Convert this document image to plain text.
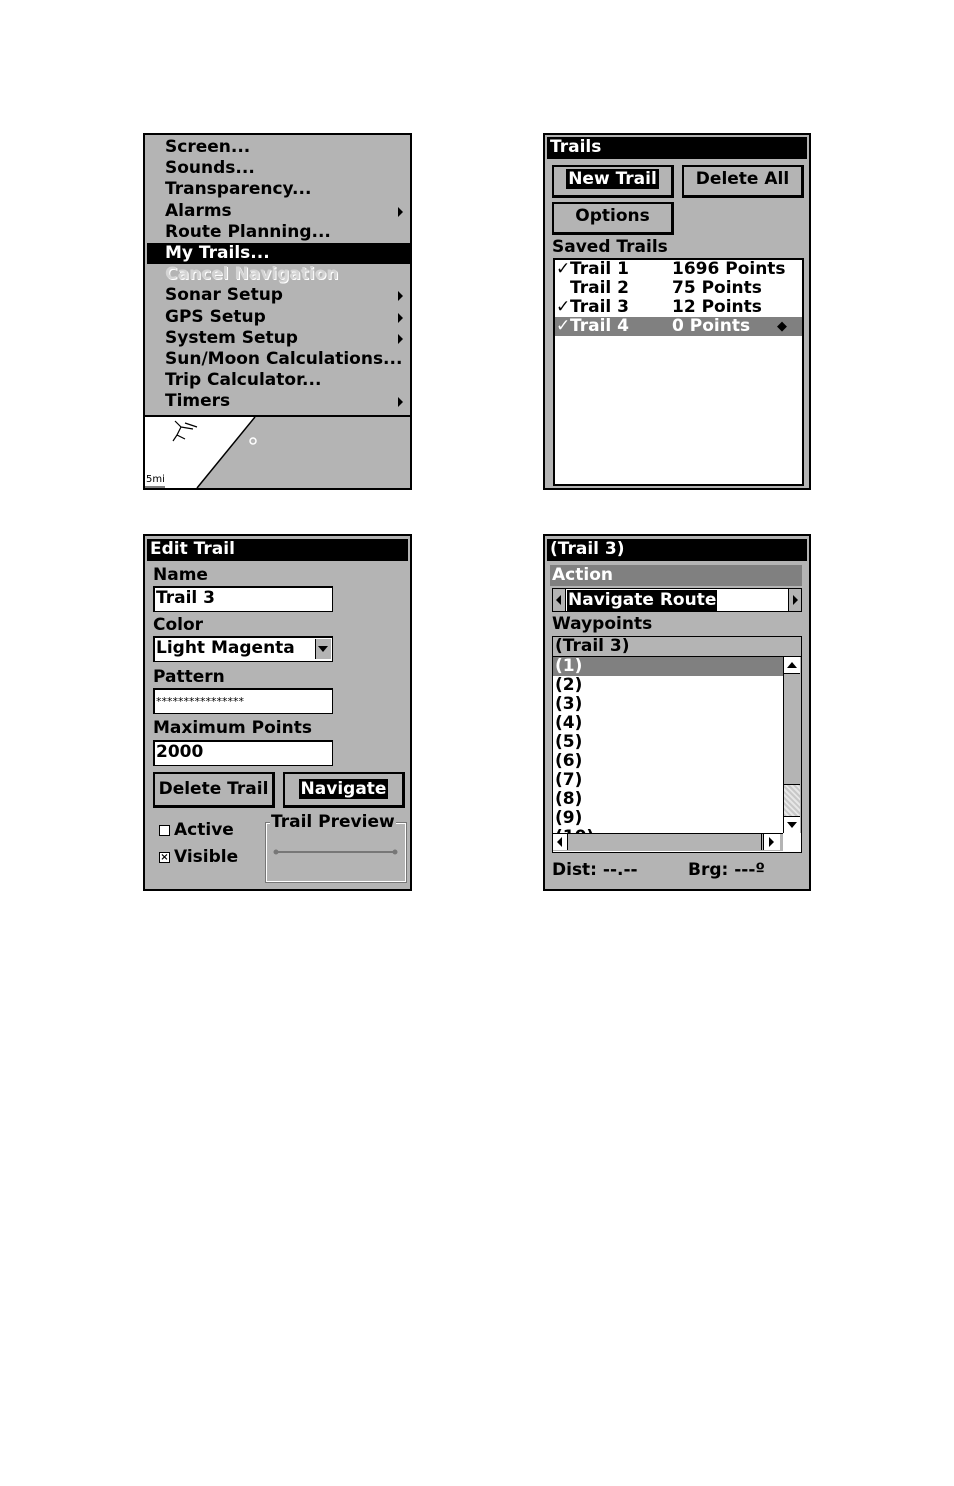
Screen...
Sounds...
Transparency...
Alarms
Route Planning...
My Trails...
Cancel Navigation
Sonar Setup
GPS Setup
System Setup
Sun/Moon Calculations...
Trip Calculator...
Timers
5mi
Trails
New Trail	Delete All
Options
Saved Trails
✓ Trail 1	1696 Points
Trail 2	75 Points
✓ Trail 3	12 Points
✓ Trail 4	0 Points	◆
Edit Trail
Name
Trail 3
Color
Light Magenta
Pattern
****************
Maximum Points
2000
Delete Trail	Navigate
Active
× Visible
Trail Preview
(Trail 3)
Action
Navigate Route
Waypoints
(Trail 3)
(1)
(2)
(3)
(4)
(5)
(6)
(7)
(8)
(9)
Dist: --.--	Brg: ---º
